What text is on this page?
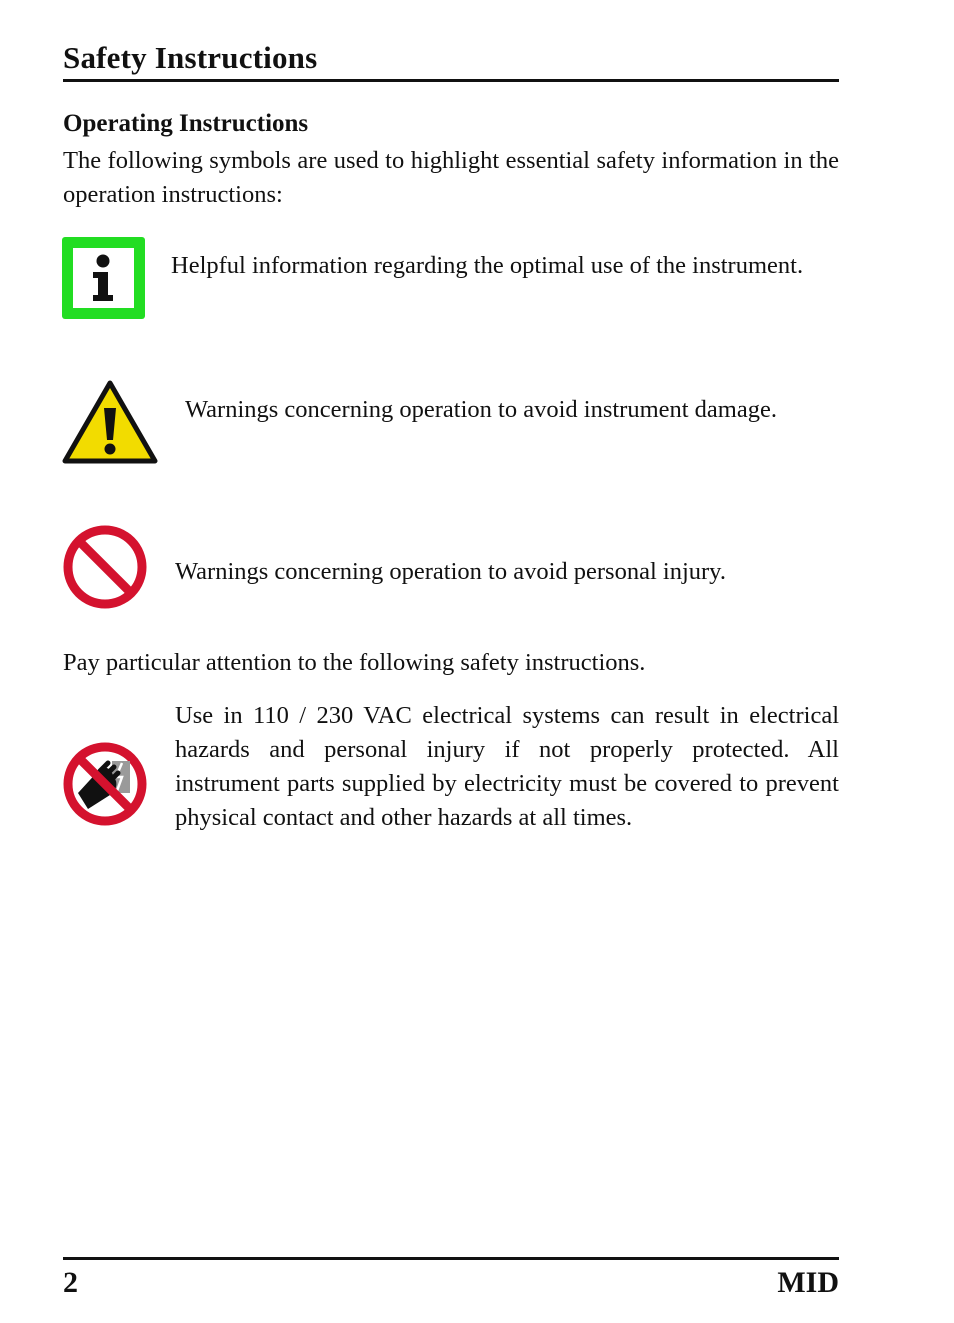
Safety Instructions
Operating Instructions
The following symbols are used to highlight essential safety information in the operation instructions:
Helpful information regarding the optimal use of the instrument.
Warnings concerning operation to avoid instrument damage.
Warnings concerning operation to avoid personal injury.
Pay particular attention to the following safety instructions.
Use in 110 / 230 VAC electrical systems can result in electrical hazards and personal injury if not properly protected. All instrument parts supplied by electricity must be covered to prevent physical contact and other hazards at all times.
2	MID
